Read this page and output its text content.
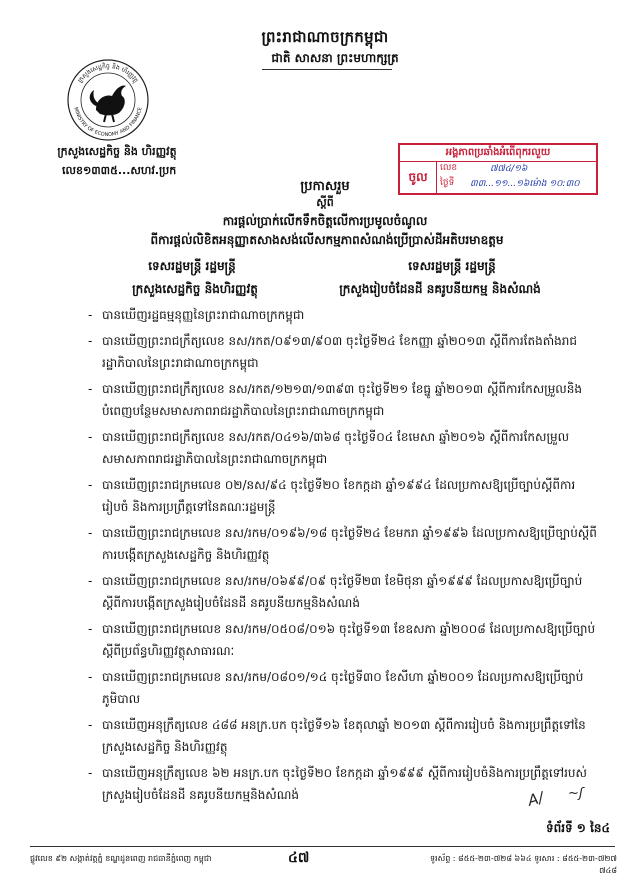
ព្រះរាជាណាចក្រកម្ពុជា
ជាតិ សាសនា ព្រះមហាក្សត្រ
ក្រសួងសេដ្ឋកិច្ច និង ហិរញ្ញវត្ថុ
MINISTRY OF ECONOMY AND FINANCE
ក្រសួងសេដ្ឋកិច្ច និង ហិរញ្ញវត្ថុ
លេខ១៣៣៥...សហវ.ប្រក
អង្គភាពប្រឆាំងអំពើពុករលួយ
ចូល
លេខ	៧៧៤/១៦
ថ្ងៃទី ៣៣...១១...១៦ម៉ោង ១០:៣០
ប្រកាសរួម
ស្តីពី
ការផ្តល់ប្រាក់លើកទឹកចិត្តលើការប្រមូលចំណូល
ពីការផ្តល់លិខិតអនុញ្ញាតសាងសង់លើសកម្មភាពសំណង់ប្រើប្រាស់ដីអតិបរមាឧត្តម
ទេសរដ្ឋមន្ត្រី រដ្ឋមន្ត្រី	ទេសរដ្ឋមន្ត្រី រដ្ឋមន្ត្រី
ក្រសួងសេដ្ឋកិច្ច និងហិរញ្ញវត្ថុ	ក្រសួងរៀបចំដែនដី នគរូបនីយកម្ម និងសំណង់
- បានឃើញរដ្ឋធម្មនុញ្ញនៃព្រះរាជាណាចក្រកម្ពុជា
- បានឃើញព្រះរាជក្រឹត្យលេខ នស/រកត/០៩១៣/៩០៣ ចុះថ្ងៃទី២៤ ខែកញ្ញា ឆ្នាំ២០១៣ ស្តីពីការតែងតាំងរាជរដ្ឋាភិបាលនៃព្រះរាជាណាចក្រកម្ពុជា
- បានឃើញព្រះរាជក្រឹត្យលេខ នស/រកត/១២១៣/១៣៩៣ ចុះថ្ងៃទី២១ ខែធ្នូ ឆ្នាំ២០១៣ ស្តីពីការកែសម្រួលនិងបំពេញបន្ថែមសមាសភាពរាជរដ្ឋាភិបាលនៃព្រះរាជាណាចក្រកម្ពុជា
- បានឃើញព្រះរាជក្រឹត្យលេខ នស/រកត/០៤១៦/៣៦៨ ចុះថ្ងៃទី០៤ ខែមេសា ឆ្នាំ២០១៦ ស្តីពីការកែសម្រួលសមាសភាពរាជរដ្ឋាភិបាលនៃព្រះរាជាណាចក្រកម្ពុជា
- បានឃើញព្រះរាជក្រមលេខ ០២/នស/៩៤ ចុះថ្ងៃទី២០ ខែកក្កដា ឆ្នាំ១៩៩៤ ដែលប្រកាសឱ្យប្រើច្បាប់ស្តីពីការរៀបចំ និងការប្រព្រឹត្តទៅនៃគណៈរដ្ឋមន្ត្រី
- បានឃើញព្រះរាជក្រមលេខ នស/រកម/០១៩៦/១៨ ចុះថ្ងៃទី២៤ ខែមករា ឆ្នាំ១៩៩៦ ដែលប្រកាសឱ្យប្រើច្បាប់ស្តីពីការបង្កើតក្រសួងសេដ្ឋកិច្ច និងហិរញ្ញវត្ថុ
- បានឃើញព្រះរាជក្រមលេខ នស/រកម/០៦៩៩/០៩ ចុះថ្ងៃទី២៣ ខែមិថុនា ឆ្នាំ១៩៩៩ ដែលប្រកាសឱ្យប្រើច្បាប់ស្តីពីការបង្កើតក្រសួងរៀបចំដែនដី នគរូបនីយកម្មនិងសំណង់
- បានឃើញព្រះរាជក្រមលេខ នស/រកម/០៥០៨/០១៦ ចុះថ្ងៃទី១៣ ខែឧសភា ឆ្នាំ២០០៨ ដែលប្រកាសឱ្យប្រើច្បាប់ស្តីពីប្រព័ន្ធហិរញ្ញវត្ថុសាធារណៈ
- បានឃើញព្រះរាជក្រមលេខ នស/រកម/០៨០១/១៤ ចុះថ្ងៃទី៣០ ខែសីហា ឆ្នាំ២០០១ ដែលប្រកាសឱ្យប្រើច្បាប់ភូមិបាល
- បានឃើញអនុក្រឹត្យលេខ ៤៨៨ អនក្រ.បក ចុះថ្ងៃទី១៦ ខែតុលាឆ្នាំ ២០១៣ ស្តីពីការរៀបចំ និងការប្រព្រឹត្តទៅនៃក្រសួងសេដ្ឋកិច្ច និងហិរញ្ញវត្ថុ
- បានឃើញអនុក្រឹត្យលេខ ៦២ អនក្រ.បក ចុះថ្ងៃទី២០ ខែកក្កដា ឆ្នាំ១៩៩៩ ស្តីពីការរៀបចំនិងការប្រព្រឹត្តទៅរបស់ក្រសួងរៀបចំដែនដី នគរូបនីយកម្មនិងសំណង់	A/ ~ʃ
ទំព័រទី ១ នៃ៤
ផ្លូវលេខ ៩២ សង្កាត់វត្តភ្នំ ខណ្ឌដូនពេញ រាជធានីភ្នំពេញ កម្ពុជា	៤៧	ទូរស័ព្ទ : ៨៥៥-២៣-៧២៨ ៦៦៤ ទូរសារ : ៨៥៥-២៣-៧២៧ ៧៤៨
